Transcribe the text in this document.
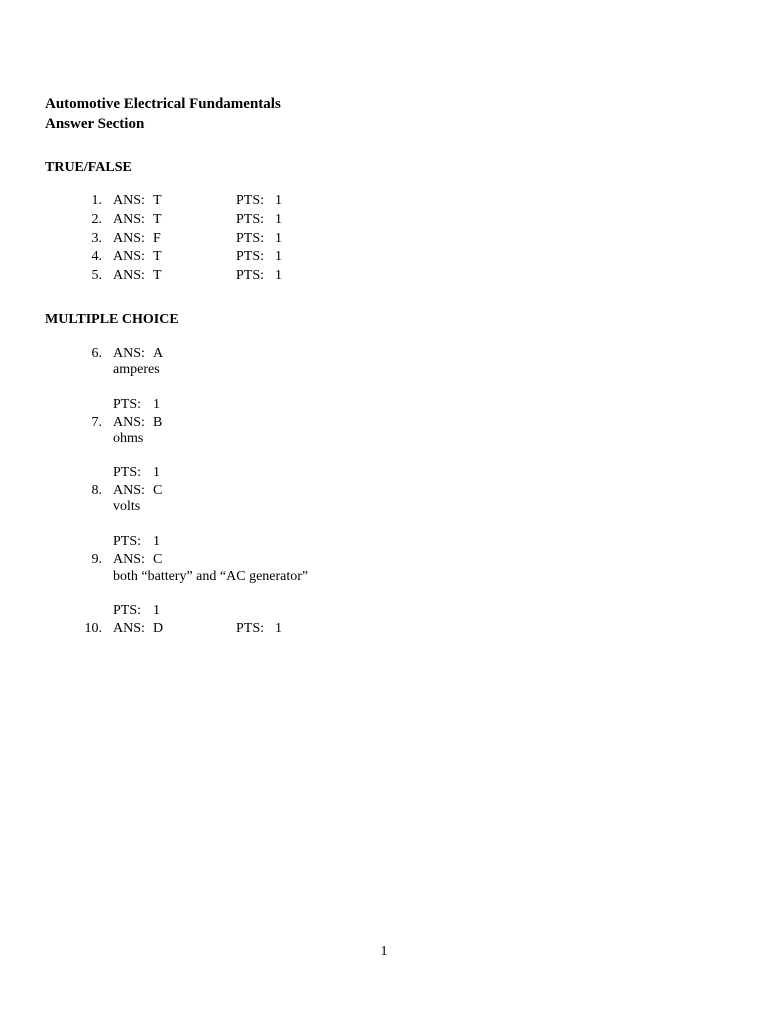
Automotive Electrical Fundamentals
Answer Section
TRUE/FALSE
1. ANS: T	PTS: 1
2. ANS: T	PTS: 1
3. ANS: F	PTS: 1
4. ANS: T	PTS: 1
5. ANS: T	PTS: 1
MULTIPLE CHOICE
6. ANS: A
amperes
PTS: 1
7. ANS: B
ohms
PTS: 1
8. ANS: C
volts
PTS: 1
9. ANS: C
both “battery” and “AC generator”
PTS: 1
10. ANS: D	PTS: 1
1
